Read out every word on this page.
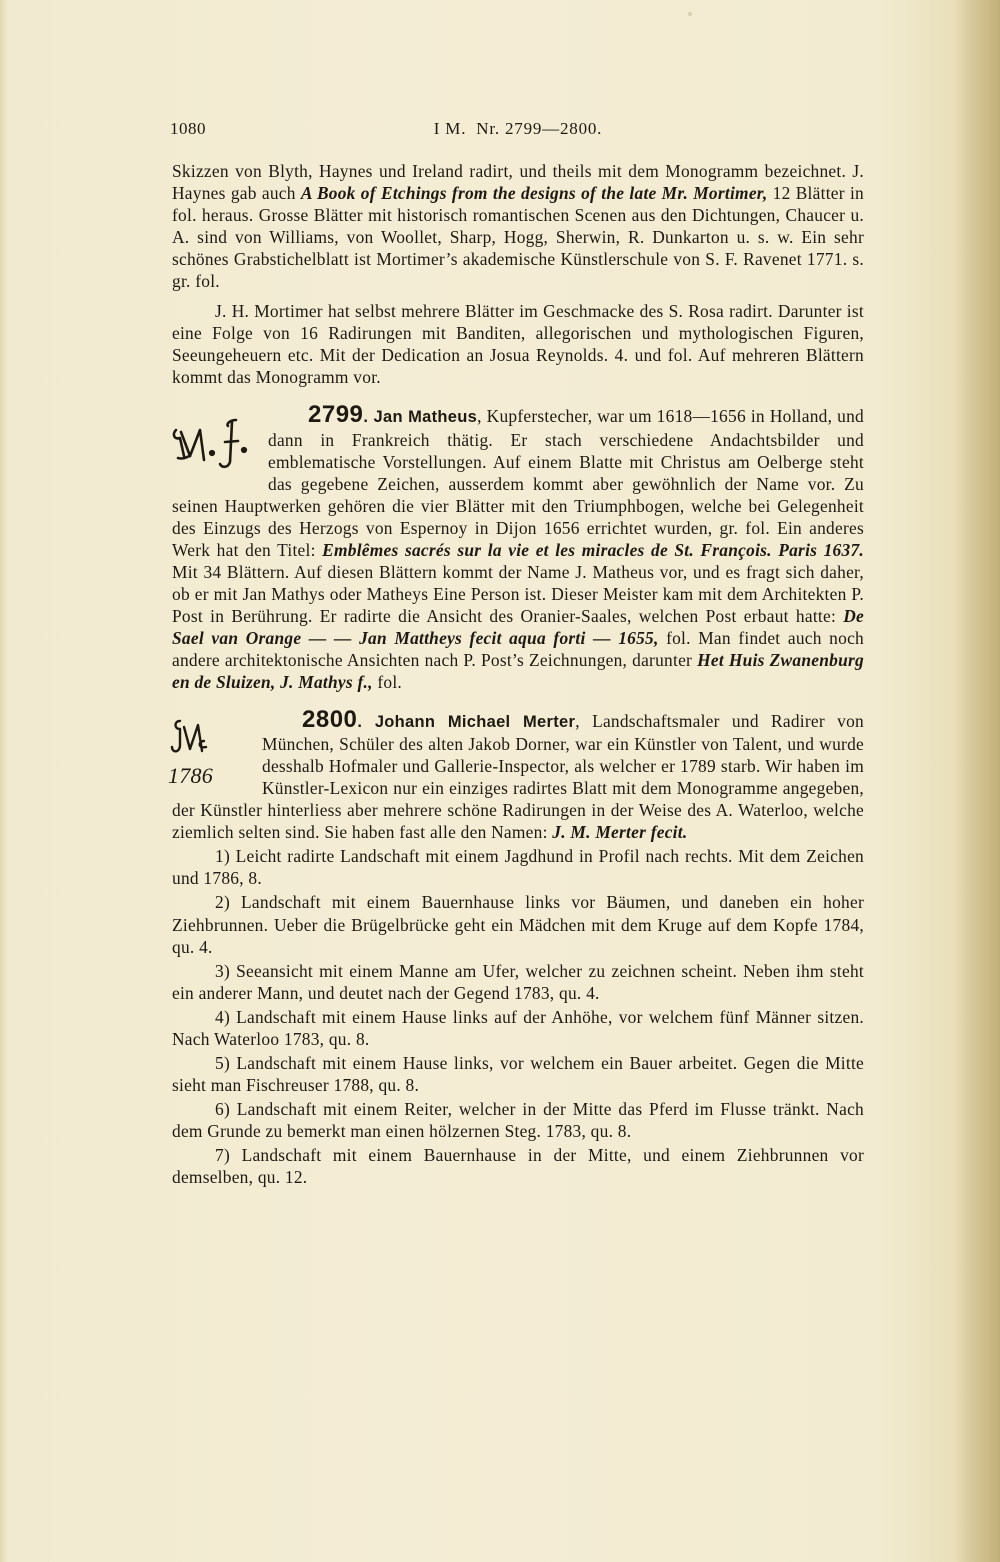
1080	I M. Nr. 2799—2800.

Skizzen von Blyth, Haynes und Ireland radirt, und theils mit dem Monogramm bezeichnet. J. Haynes gab auch A Book of Etchings from the designs of the late Mr. Mortimer, 12 Blätter in fol. heraus. Grosse Blätter mit historisch romantischen Scenen aus den Dichtungen, Chaucer u. A. sind von Williams, von Woollet, Sharp, Hogg, Sherwin, R. Dunkarton u. s. w. Ein sehr schönes Grabstichelblatt ist Mortimer’s akademische Künstlerschule von S. F. Ravenet 1771. s. gr. fol.

J. H. Mortimer hat selbst mehrere Blätter im Geschmacke des S. Rosa radirt. Darunter ist eine Folge von 16 Radirungen mit Banditen, allegorischen und mythologischen Figuren, Seeungeheuern etc. Mit der Dedication an Josua Reynolds. 4. und fol. Auf mehreren Blättern kommt das Monogramm vor.

2799. Jan Matheus
, Kupferstecher, war um 1618—1656 in Holland, und dann in Frankreich thätig. Er stach verschiedene Andachtsbilder und emblematische Vorstellungen. Auf einem Blatte mit Christus am Oelberge steht das gegebene Zeichen, ausserdem kommt aber gewöhnlich der Name vor. Zu seinen Hauptwerken gehören die vier Blätter mit den Triumphbogen, welche bei Gelegenheit des Einzugs des Herzogs von Espernoy in Dijon 1656 errichtet wurden, gr. fol. Ein anderes Werk hat den Titel: Emblêmes sacrés sur la vie et les miracles de St. François. Paris 1637. Mit 34 Blättern. Auf diesen Blättern kommt der Name J. Matheus vor, und es fragt sich daher, ob er mit Jan Mathys oder Matheys Eine Person ist. Dieser Meister kam mit dem Architekten P. Post in Berührung. Er radirte die Ansicht des Oranier-Saales, welchen Post erbaut hatte: De Sael van Orange — — Jan Mattheys fecit aqua forti — 1655, fol. Man findet auch noch andere architektonische Ansichten nach P. Post’s Zeichnungen, darunter Het Huis Zwanenburg en de Sluizen, J. Mathys f., fol.

2800. Johann Michael Merter
1786
, Landschaftsmaler und Radirer von München, Schüler des alten Jakob Dorner, war ein Künstler von Talent, und wurde desshalb Hofmaler und Gallerie-Inspector, als welcher er 1789 starb. Wir haben im Künstler-Lexicon nur ein einziges radirtes Blatt mit dem Monogramme angegeben, der Künstler hinterliess aber mehrere schöne Radirungen in der Weise des A. Waterloo, welche ziemlich selten sind. Sie haben fast alle den Namen: J. M. Merter fecit.

1) Leicht radirte Landschaft mit einem Jagdhund in Profil nach rechts. Mit dem Zeichen und 1786, 8.

2) Landschaft mit einem Bauernhause links vor Bäumen, und daneben ein hoher Ziehbrunnen. Ueber die Brügelbrücke geht ein Mädchen mit dem Kruge auf dem Kopfe 1784, qu. 4.

3) Seeansicht mit einem Manne am Ufer, welcher zu zeichnen scheint. Neben ihm steht ein anderer Mann, und deutet nach der Gegend 1783, qu. 4.

4) Landschaft mit einem Hause links auf der Anhöhe, vor welchem fünf Männer sitzen. Nach Waterloo 1783, qu. 8.

5) Landschaft mit einem Hause links, vor welchem ein Bauer arbeitet. Gegen die Mitte sieht man Fischreuser 1788, qu. 8.

6) Landschaft mit einem Reiter, welcher in der Mitte das Pferd im Flusse tränkt. Nach dem Grunde zu bemerkt man einen hölzernen Steg. 1783, qu. 8.

7) Landschaft mit einem Bauernhause in der Mitte, und einem Ziehbrunnen vor demselben, qu. 12.
